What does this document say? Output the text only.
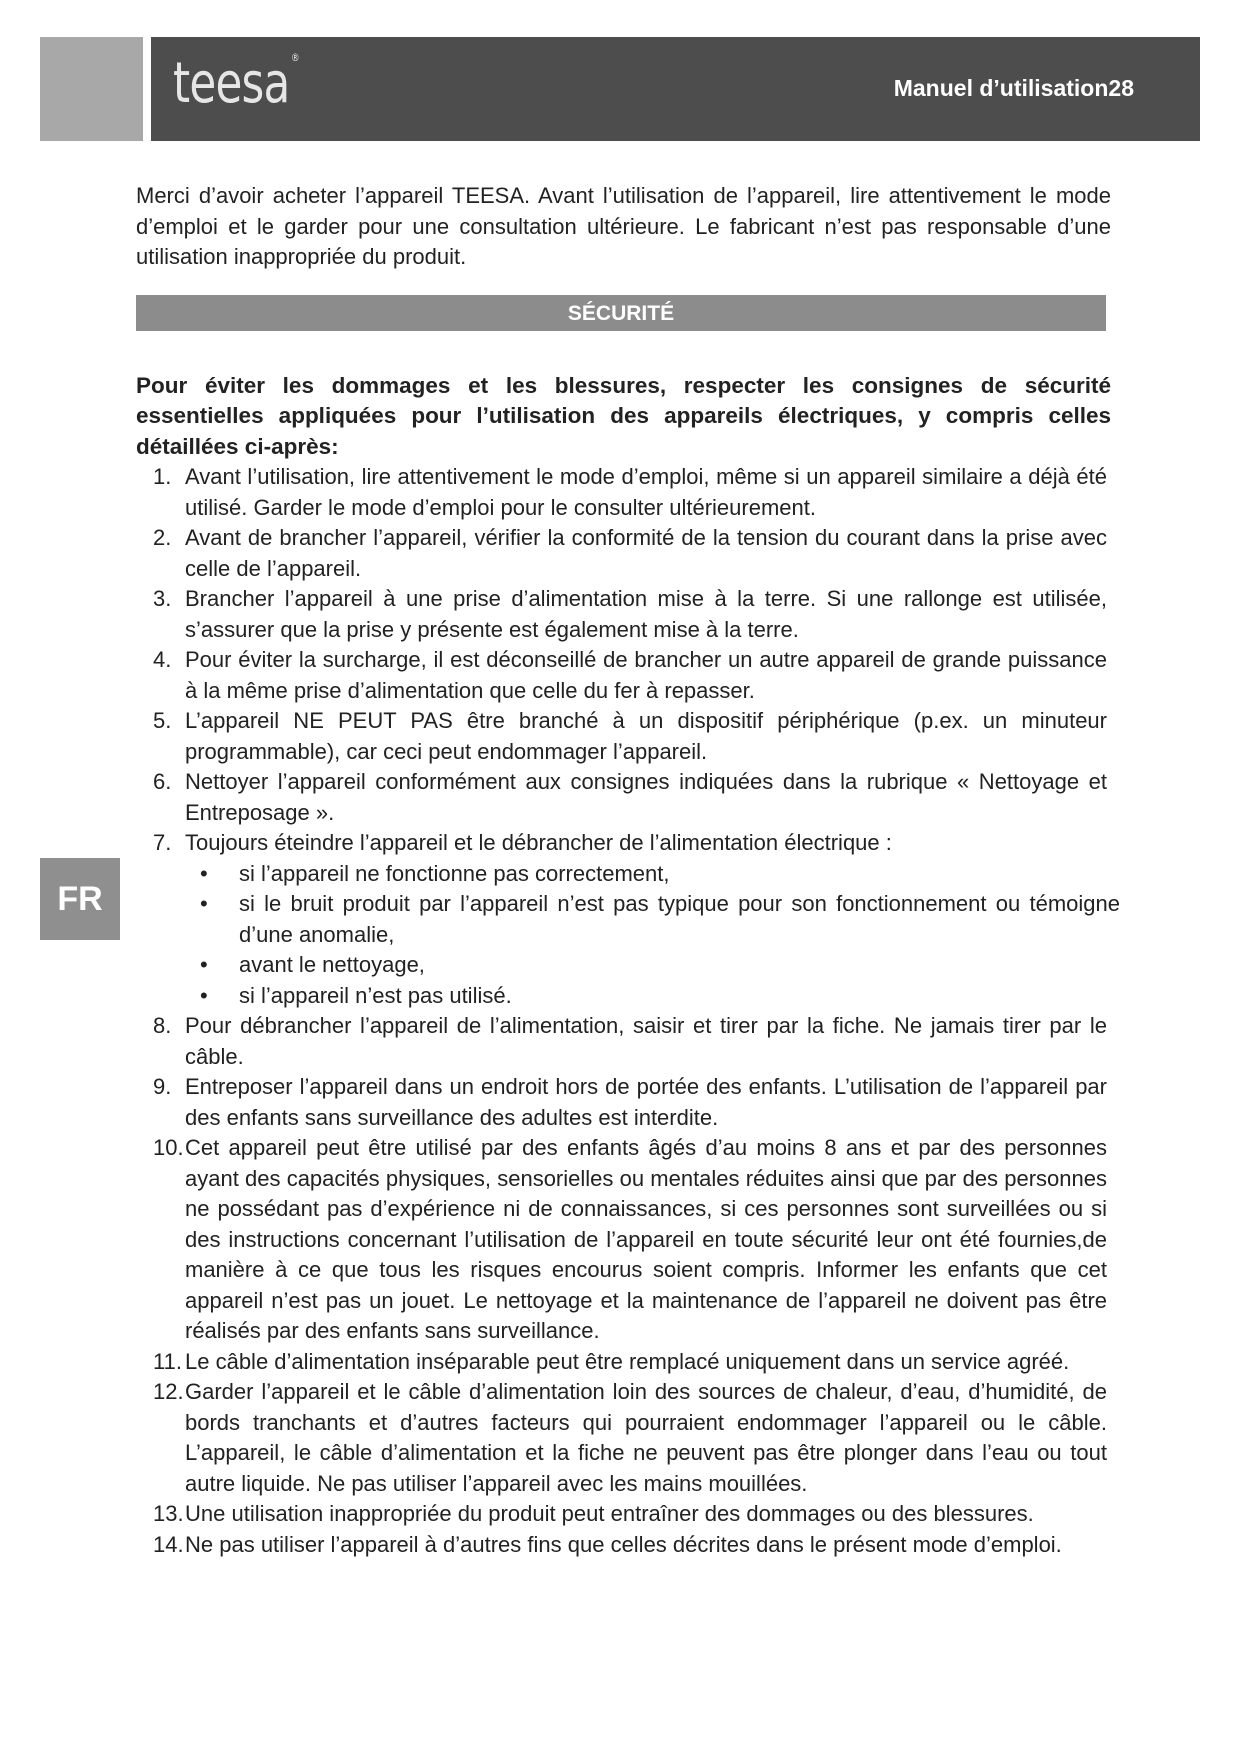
teesa ®
Manuel d’utilisation28
FR

Merci d’avoir acheter l’appareil TEESA. Avant l’utilisation de l’appareil, lire attentivement le mode d’emploi et le garder pour une consultation ultérieure. Le fabricant n’est pas responsable d’une utilisation inappropriée du produit.

SÉCURITÉ

Pour éviter les dommages et les blessures, respecter les consignes de sécurité essentielles appliquées pour l’utilisation des appareils électriques, y compris celles détaillées ci-après:

1. Avant l’utilisation, lire attentivement le mode d’emploi, même si un appareil similaire a déjà été utilisé. Garder le mode d’emploi pour le consulter ultérieurement.
2. Avant de brancher l’appareil, vérifier la conformité de la tension du courant dans la prise avec celle de l’appareil.
3. Brancher l’appareil à une prise d’alimentation mise à la terre. Si une rallonge est utilisée, s’assurer que la prise y présente est également mise à la terre.
4. Pour éviter la surcharge, il est déconseillé de brancher un autre appareil de grande puissance à la même prise d’alimentation que celle du fer à repasser.
5. L’appareil NE PEUT PAS être branché à un dispositif périphérique (p.ex. un minuteur programmable), car ceci peut endommager l’appareil.
6. Nettoyer l’appareil conformément aux consignes indiquées dans la rubrique « Nettoyage et Entreposage ».
7. Toujours éteindre l’appareil et le débrancher de l’alimentation électrique :
• si l’appareil ne fonctionne pas correctement,
• si le bruit produit par l’appareil n’est pas typique pour son fonctionnement ou témoigne d’une anomalie,
• avant le nettoyage,
• si l’appareil n’est pas utilisé.
8. Pour débrancher l’appareil de l’alimentation, saisir et tirer par la fiche. Ne jamais tirer par le câble.
9. Entreposer l’appareil dans un endroit hors de portée des enfants. L’utilisation de l’appareil par des enfants sans surveillance des adultes est interdite.
10. Cet appareil peut être utilisé par des enfants âgés d’au moins 8 ans et par des personnes ayant des capacités physiques, sensorielles ou mentales réduites ainsi que par des personnes ne possédant pas d’expérience ni de connaissances, si ces personnes sont surveillées ou si des instructions concernant l’utilisation de l’appareil en toute sécurité leur ont été fournies,de manière à ce que tous les risques encourus soient compris. Informer les enfants que cet appareil n’est pas un jouet. Le nettoyage et la maintenance de l’appareil ne doivent pas être réalisés par des enfants sans surveillance.
11. Le câble d’alimentation inséparable peut être remplacé uniquement dans un service agréé.
12. Garder l’appareil et le câble d’alimentation loin des sources de chaleur, d’eau, d’humidité, de bords tranchants et d’autres facteurs qui pourraient endommager l’appareil ou le câble. L’appareil, le câble d’alimentation et la fiche ne peuvent pas être plonger dans l’eau ou tout autre liquide. Ne pas utiliser l’appareil avec les mains mouillées.
13. Une utilisation inappropriée du produit peut entraîner des dommages ou des blessures.
14. Ne pas utiliser l’appareil à d’autres fins que celles décrites dans le présent mode d’emploi.
